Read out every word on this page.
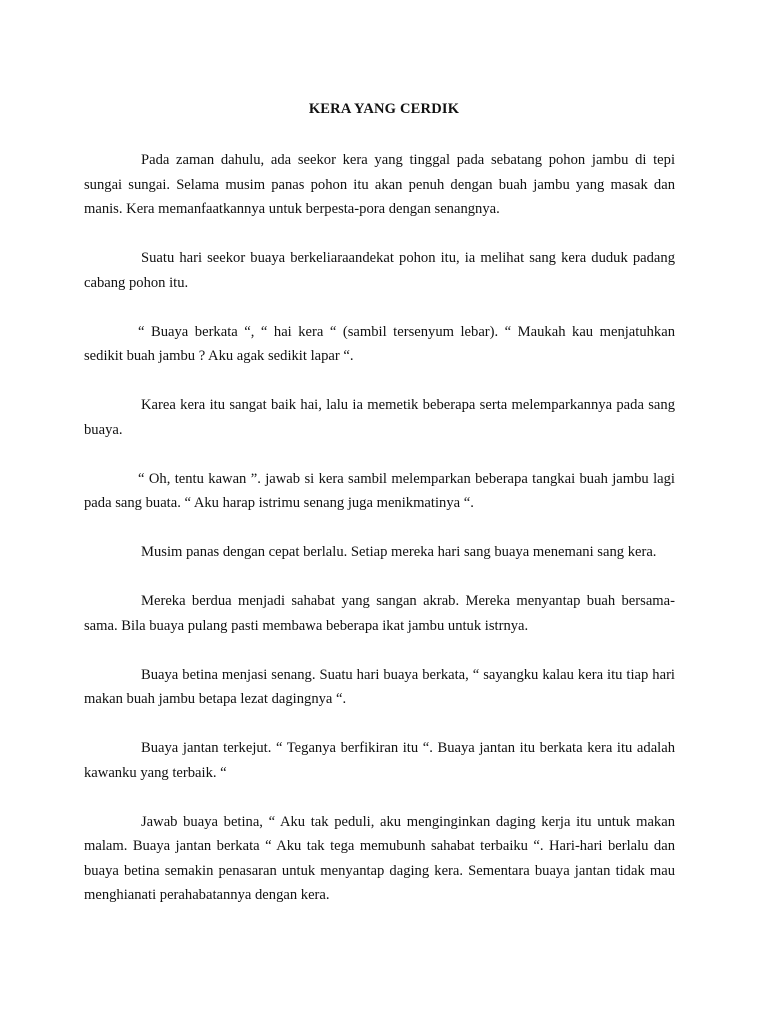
KERA YANG CERDIK

Pada zaman dahulu, ada seekor kera yang tinggal pada sebatang pohon jambu di tepi sungai sungai. Selama musim panas pohon itu akan penuh dengan buah jambu yang masak dan manis. Kera memanfaatkannya untuk berpesta-pora dengan senangnya.

Suatu hari seekor buaya berkeliaraandekat pohon itu, ia melihat sang kera duduk padang cabang pohon itu.

“ Buaya berkata “, “ hai kera “ (sambil tersenyum lebar). “ Maukah kau menjatuhkan sedikit buah jambu ? Aku agak sedikit lapar “.

Karea kera itu sangat baik hai, lalu ia memetik beberapa serta melemparkannya pada sang buaya.

“ Oh, tentu kawan ”. jawab si kera sambil melemparkan beberapa tangkai buah jambu lagi pada sang buata. “ Aku harap istrimu senang juga menikmatinya “.

Musim panas dengan cepat berlalu. Setiap mereka hari sang buaya menemani sang kera.

Mereka berdua menjadi sahabat yang sangan akrab. Mereka menyantap buah bersama-sama. Bila buaya pulang pasti membawa beberapa ikat jambu untuk istrnya.

Buaya betina menjasi senang. Suatu hari buaya berkata, “ sayangku kalau kera itu tiap hari makan buah jambu betapa lezat dagingnya “.

Buaya jantan terkejut. “ Teganya berfikiran itu “. Buaya jantan itu berkata kera itu adalah kawanku yang terbaik. “

Jawab buaya betina, “ Aku tak peduli, aku menginginkan daging kerja itu untuk makan malam. Buaya jantan berkata “ Aku tak tega memubunh sahabat terbaiku “. Hari-hari berlalu dan buaya betina semakin penasaran untuk menyantap daging kera. Sementara buaya jantan tidak mau menghianati perahabatannya dengan kera.
